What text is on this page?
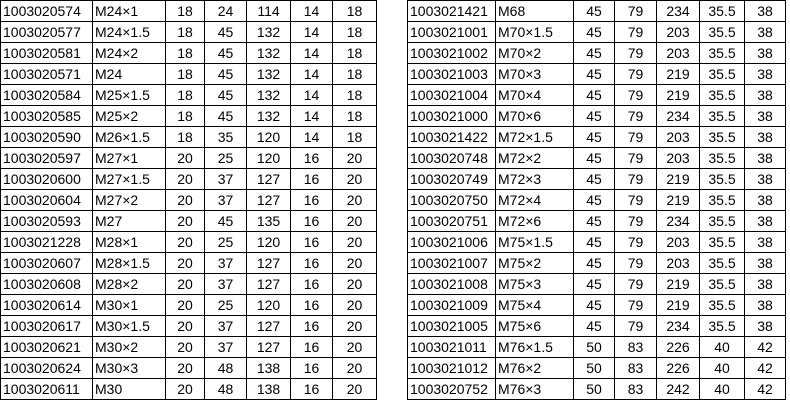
1003020574	M24×1	18	24	114	14	18
1003020577	M24×1.5	18	45	132	14	18
1003020581	M24×2	18	45	132	14	18
1003020571	M24	18	45	132	14	18
1003020584	M25×1.5	18	45	132	14	18
1003020585	M25×2	18	45	132	14	18
1003020590	M26×1.5	18	35	120	14	18
1003020597	M27×1	20	25	120	16	20
1003020600	M27×1.5	20	37	127	16	20
1003020604	M27×2	20	37	127	16	20
1003020593	M27	20	45	135	16	20
1003021228	M28×1	20	25	120	16	20
1003020607	M28×1.5	20	37	127	16	20
1003020608	M28×2	20	37	127	16	20
1003020614	M30×1	20	25	120	16	20
1003020617	M30×1.5	20	37	127	16	20
1003020621	M30×2	20	37	127	16	20
1003020624	M30×3	20	48	138	16	20
1003020611	M30	20	48	138	16	20
1003021421	M68	45	79	234	35.5	38
1003021001	M70×1.5	45	79	203	35.5	38
1003021002	M70×2	45	79	203	35.5	38
1003021003	M70×3	45	79	219	35.5	38
1003021004	M70×4	45	79	219	35.5	38
1003021000	M70×6	45	79	234	35.5	38
1003021422	M72×1.5	45	79	203	35.5	38
1003020748	M72×2	45	79	203	35.5	38
1003020749	M72×3	45	79	219	35.5	38
1003020750	M72×4	45	79	219	35.5	38
1003020751	M72×6	45	79	234	35.5	38
1003021006	M75×1.5	45	79	203	35.5	38
1003021007	M75×2	45	79	203	35.5	38
1003021008	M75×3	45	79	219	35.5	38
1003021009	M75×4	45	79	219	35.5	38
1003021005	M75×6	45	79	234	35.5	38
1003021011	M76×1.5	50	83	226	40	42
1003021012	M76×2	50	83	226	40	42
1003020752	M76×3	50	83	242	40	42
